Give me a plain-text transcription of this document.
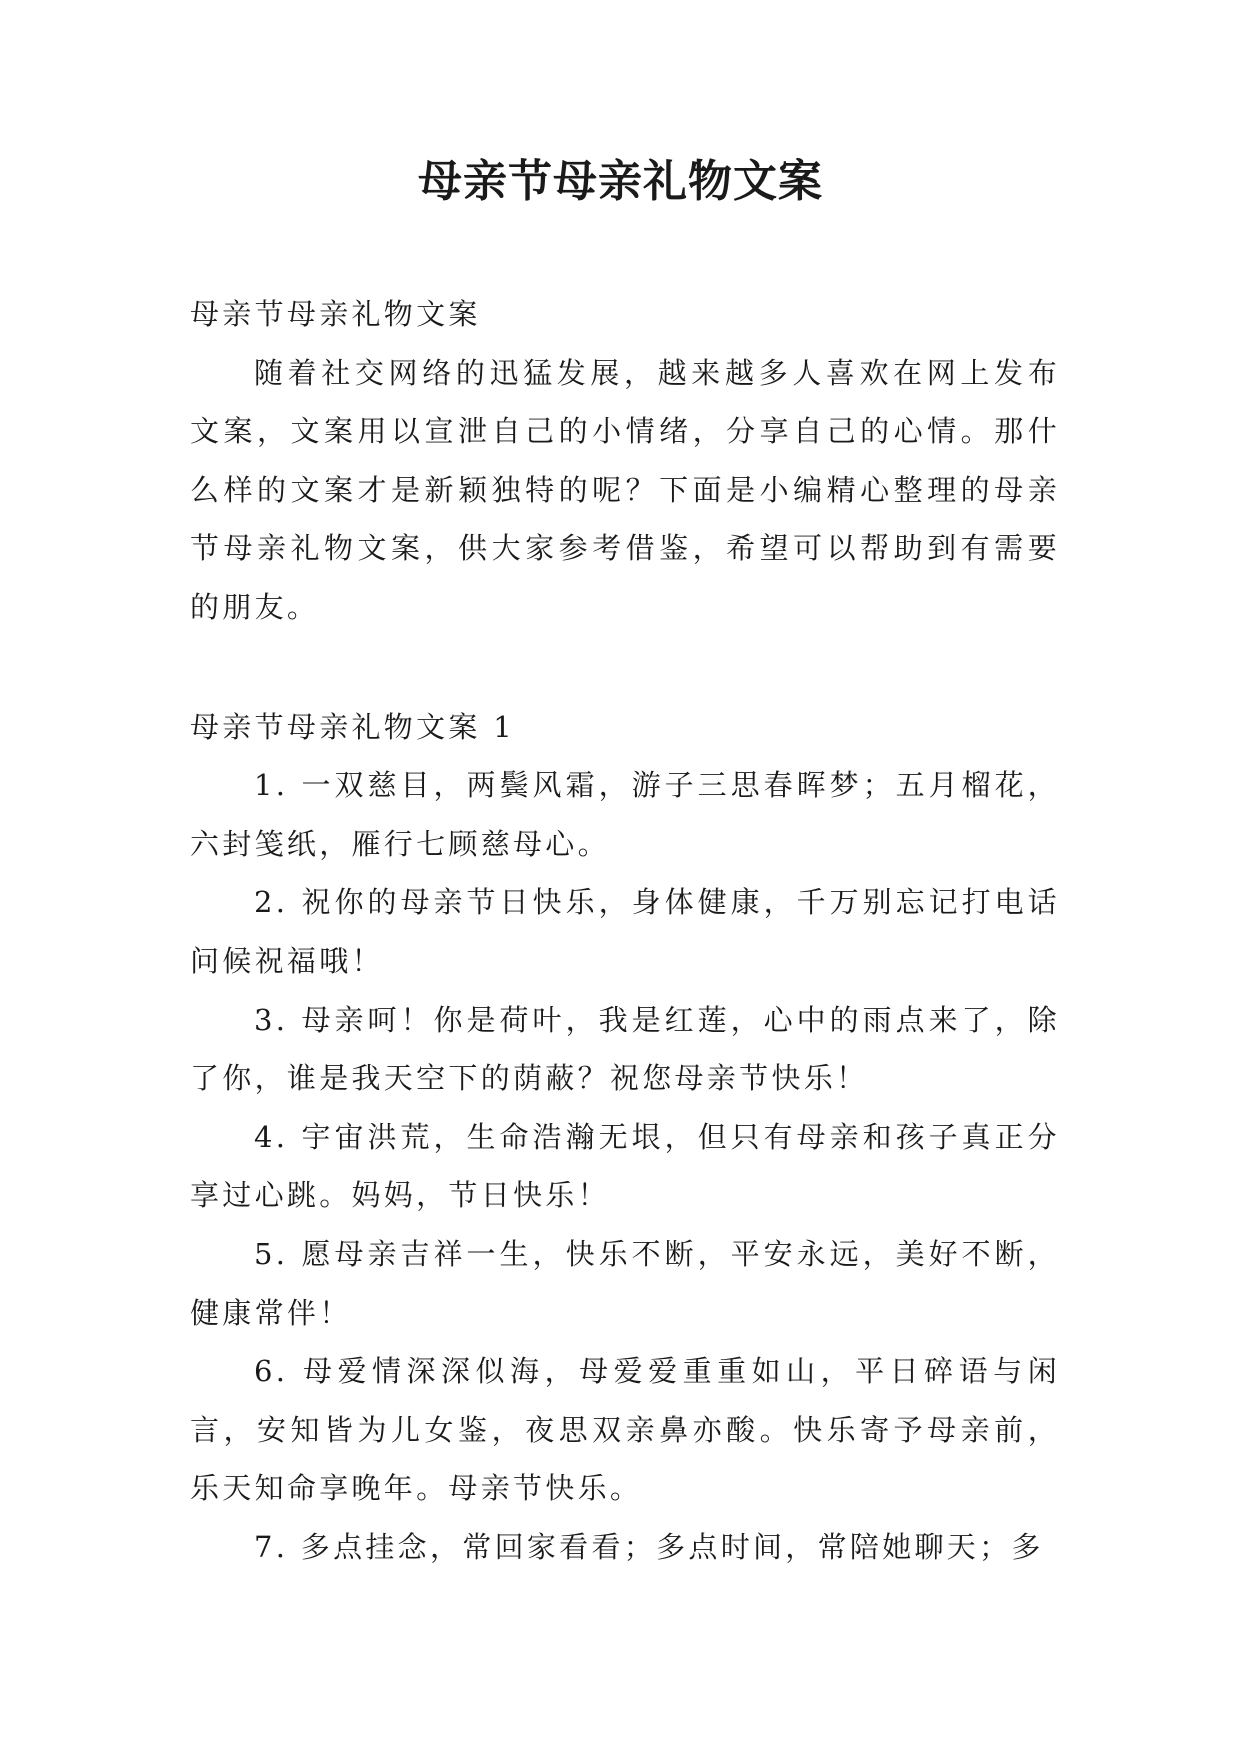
母亲节母亲礼物文案

母亲节母亲礼物文案

随着社交网络的迅猛发展，越来越多人喜欢在网上发布文案，文案用以宣泄自己的小情绪，分享自己的心情。那什么样的文案才是新颖独特的呢？下面是小编精心整理的母亲节母亲礼物文案，供大家参考借鉴，希望可以帮助到有需要的朋友。

母亲节母亲礼物文案 1

1. 一双慈目，两鬓风霜，游子三思春晖梦；五月榴花，六封笺纸，雁行七顾慈母心。

2. 祝你的母亲节日快乐，身体健康，千万别忘记打电话问候祝福哦！

3. 母亲呵！你是荷叶，我是红莲，心中的雨点来了，除了你，谁是我天空下的荫蔽？祝您母亲节快乐！

4. 宇宙洪荒，生命浩瀚无垠，但只有母亲和孩子真正分享过心跳。妈妈，节日快乐！

5. 愿母亲吉祥一生，快乐不断，平安永远，美好不断，健康常伴！

6. 母爱情深深似海，母爱爱重重如山，平日碎语与闲言，安知皆为儿女鉴，夜思双亲鼻亦酸。快乐寄予母亲前，乐天知命享晚年。母亲节快乐。

7. 多点挂念，常回家看看；多点时间，常陪她聊天；多
